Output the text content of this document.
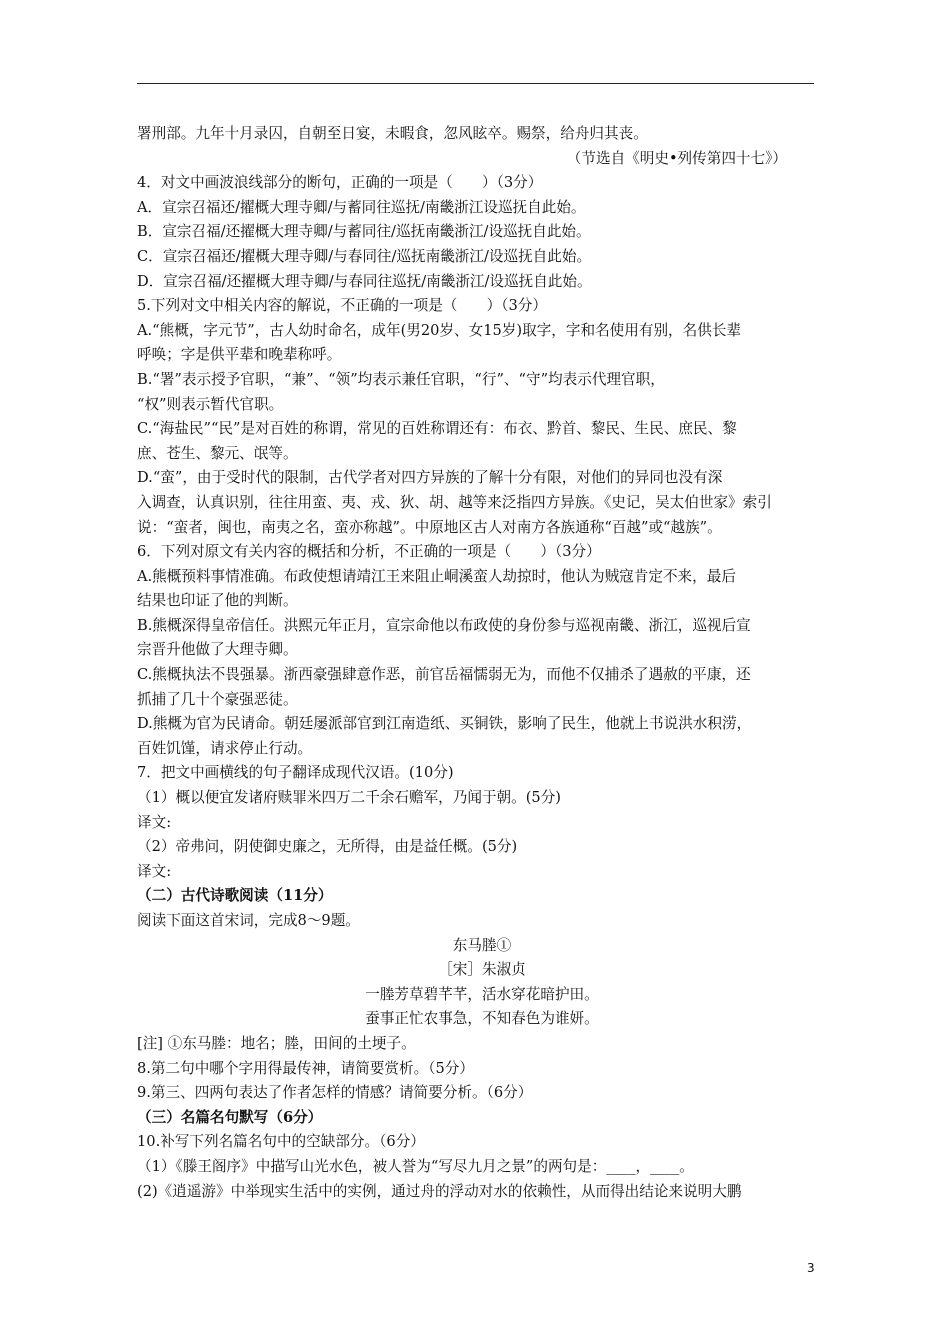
署刑部。九年十月录囚，自朝至日宴，未暇食，忽风眩卒。赐祭，给舟归其丧。
（节选自《明史•列传第四十七》）
4．对文中画波浪线部分的断句，正确的一项是（　　）（3分）
A．宣宗召福还/擢概大理寺卿/与蓄同往巡抚/南畿浙江设巡抚自此始。
B．宣宗召福/还擢概大理寺卿/与蓄同往/巡抚南畿浙江/设巡抚自此始。
C．宣宗召福还/擢概大理寺卿/与春同往/巡抚南畿浙江/设巡抚自此始。
D．宣宗召福/还擢概大理寺卿/与春同往巡抚/南畿浙江/设巡抚自此始。
5.下列对文中相关内容的解说，不正确的一项是（　　）（3分）
A.“熊概，字元节”，古人幼时命名，成年(男20岁、女15岁)取字，字和名使用有别，名供长辈
呼唤；字是供平辈和晚辈称呼。
B.“署”表示授予官职，“兼”、“领”均表示兼任官职，“行”、“守”均表示代理官职，
“权”则表示暂代官职。
C.“海盐民”“民”是对百姓的称谓，常见的百姓称谓还有：布衣、黔首、黎民、生民、庶民、黎
庶、苍生、黎元、氓等。
D.“蛮”，由于受时代的限制，古代学者对四方异族的了解十分有限，对他们的异同也没有深
入调查，认真识别，往往用蛮、夷、戎、狄、胡、越等来泛指四方异族。《史记，吴太伯世家》索引
说：“蛮者，闽也，南夷之名，蛮亦称越”。中原地区古人对南方各族通称“百越”或“越族”。
6．下列对原文有关内容的概括和分析，不正确的一项是（　　）（3分）
A.熊概预料事情准确。布政使想请靖江王来阻止峒溪蛮人劫掠时，他认为贼寇肯定不来，最后
结果也印证了他的判断。
B.熊概深得皇帝信任。洪熙元年正月，宣宗命他以布政使的身份参与巡视南畿、浙江，巡视后宣
宗晋升他做了大理寺卿。
C.熊概执法不畏强暴。浙西豪强肆意作恶，前官岳福懦弱无为，而他不仅捕杀了遇赦的平康，还
抓捕了几十个豪强恶徒。
D.熊概为官为民请命。朝廷屡派部官到江南造纸、买铜铁，影响了民生，他就上书说洪水积涝，
百姓饥馑，请求停止行动。
7．把文中画横线的句子翻译成现代汉语。(10分)
（1）概以便宜发诸府赎罪米四万二千余石赡军，乃闻于朝。(5分)
译文:
（2）帝弗问，阴使御史廉之，无所得，由是益任概。(5分)
译文:
（二）古代诗歌阅读（11分）
阅读下面这首宋词，完成8～9题。
东马塍①
［宋］朱淑贞
一塍芳草碧芊芊，活水穿花暗护田。
蚕事正忙农事急，不知春色为谁妍。
[注] ①东马塍：地名；塍，田间的土埂子。
8.第二句中哪个字用得最传神，请简要赏析。（5分）
9.第三、四两句表达了作者怎样的情感？请简要分析。（6分）
（三）名篇名句默写（6分）
10.补写下列名篇名句中的空缺部分。（6分）
（1）《滕王阁序》中描写山光水色，被人誉为“写尽九月之景”的两句是：____，____。
(2)《逍遥游》中举现实生活中的实例，通过舟的浮动对水的依赖性，从而得出结论来说明大鹏
3
